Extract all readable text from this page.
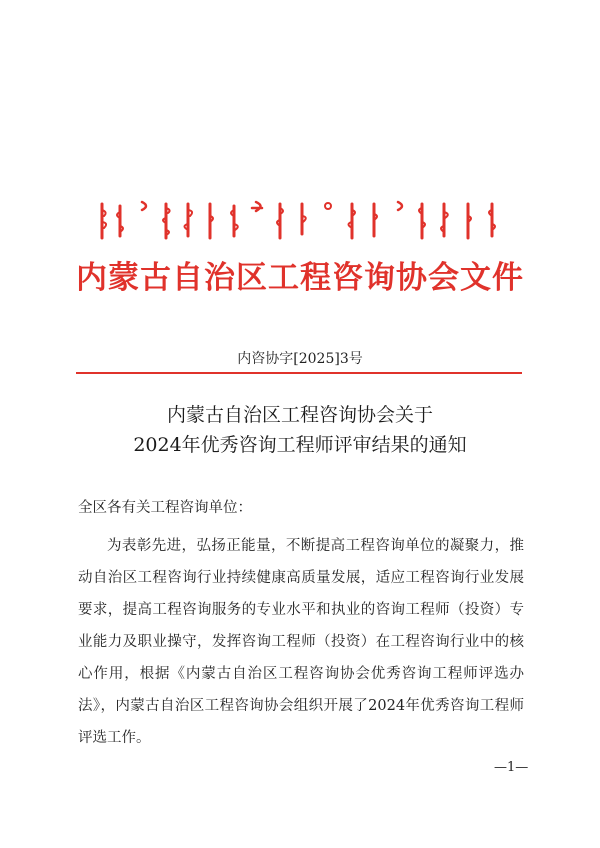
内蒙古自治区工程咨询协会文件
内咨协字[2025]3号
内蒙古自治区工程咨询协会关于
2024年优秀咨询工程师评审结果的通知
全区各有关工程咨询单位：
为表彰先进，弘扬正能量，不断提高工程咨询单位的凝聚力，推动自治区工程咨询行业持续健康高质量发展，适应工程咨询行业发展要求，提高工程咨询服务的专业水平和执业的咨询工程师（投资）专业能力及职业操守，发挥咨询工程师（投资）在工程咨询行业中的核心作用，根据《内蒙古自治区工程咨询协会优秀咨询工程师评选办法》，内蒙古自治区工程咨询协会组织开展了2024年优秀咨询工程师评选工作。
—1—
